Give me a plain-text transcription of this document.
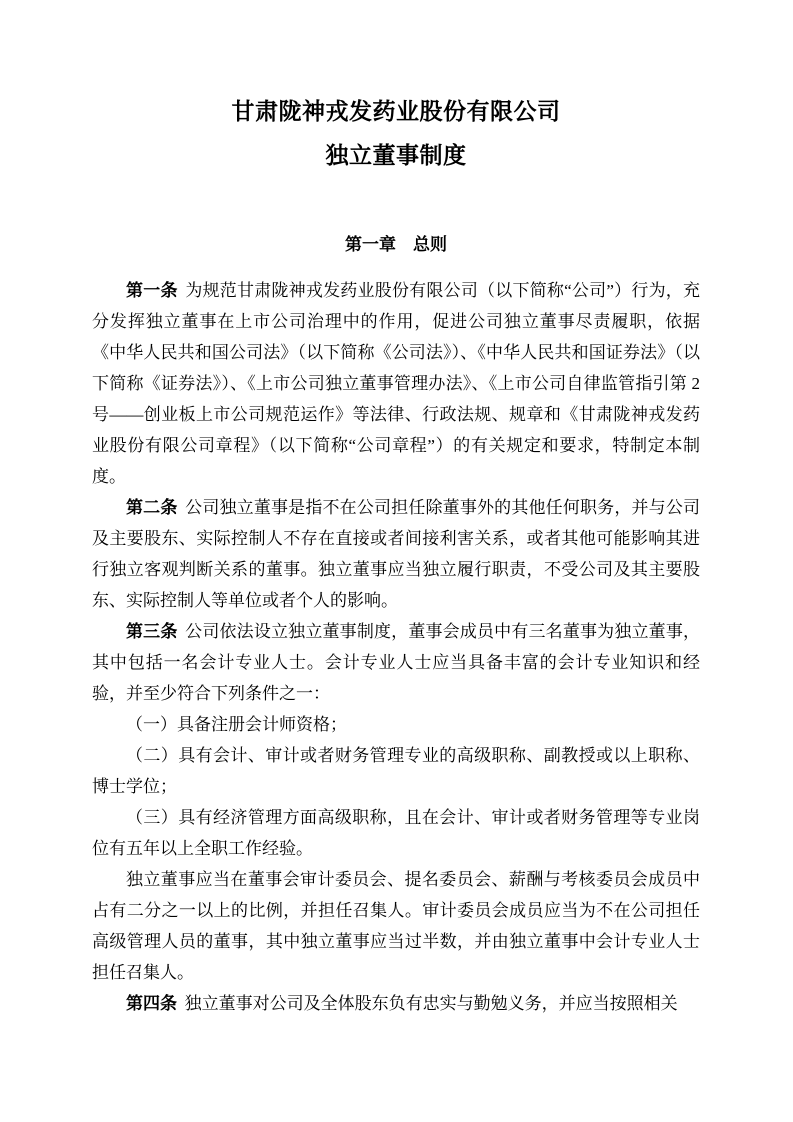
甘肃陇神戎发药业股份有限公司
独立董事制度
第一章　总则

第一条 为规范甘肃陇神戎发药业股份有限公司（以下简称“公司”）行为，充分发挥独立董事在上市公司治理中的作用，促进公司独立董事尽责履职，依据《中华人民共和国公司法》（以下简称《公司法》）、《中华人民共和国证券法》（以下简称《证券法》）、《上市公司独立董事管理办法》、《上市公司自律监管指引第 2 号——创业板上市公司规范运作》等法律、行政法规、规章和《甘肃陇神戎发药业股份有限公司章程》（以下简称“公司章程”）的有关规定和要求，特制定本制度。

第二条 公司独立董事是指不在公司担任除董事外的其他任何职务，并与公司及主要股东、实际控制人不存在直接或者间接利害关系，或者其他可能影响其进行独立客观判断关系的董事。独立董事应当独立履行职责，不受公司及其主要股东、实际控制人等单位或者个人的影响。

第三条 公司依法设立独立董事制度，董事会成员中有三名董事为独立董事，其中包括一名会计专业人士。会计专业人士应当具备丰富的会计专业知识和经验，并至少符合下列条件之一：

（一）具备注册会计师资格；

（二）具有会计、审计或者财务管理专业的高级职称、副教授或以上职称、博士学位；

（三）具有经济管理方面高级职称，且在会计、审计或者财务管理等专业岗位有五年以上全职工作经验。

独立董事应当在董事会审计委员会、提名委员会、薪酬与考核委员会成员中占有二分之一以上的比例，并担任召集人。审计委员会成员应当为不在公司担任高级管理人员的董事，其中独立董事应当过半数，并由独立董事中会计专业人士担任召集人。

第四条 独立董事对公司及全体股东负有忠实与勤勉义务，并应当按照相关
